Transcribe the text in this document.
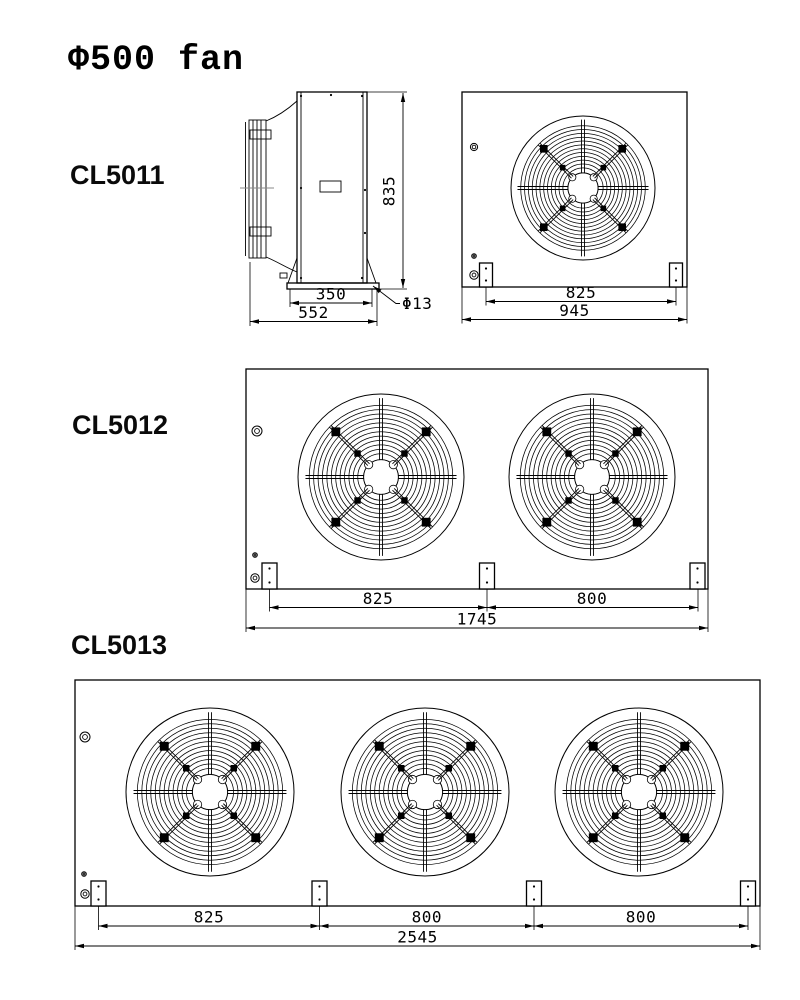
Φ500 fan
CL5011
CL5012
CL5013
835
350
552	Φ13
825
945
825	800
1745
825	800	800
2545
